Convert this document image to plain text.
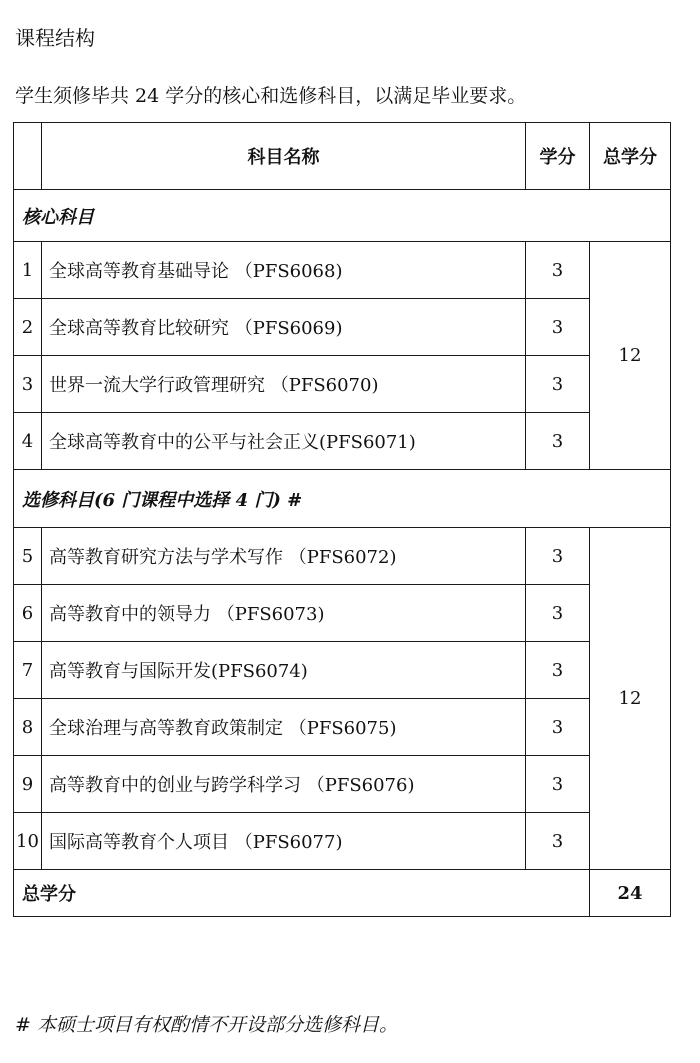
课程结构
学生须修毕共 24 学分的核心和选修科目，以满足毕业要求。
	科目名称	学分	总学分
核心科目			
1	全球高等教育基础导论 （PFS6068)	3	12
2	全球高等教育比较研究 （PFS6069)	3	
3	世界一流大学行政管理研究 （PFS6070)	3	
4	全球高等教育中的公平与社会正义(PFS6071)	3	
选修科目(6 门课程中选择 4 门) #			
5	高等教育研究方法与学术写作 （PFS6072)	3	12
6	高等教育中的领导力 （PFS6073)	3	
7	高等教育与国际开发(PFS6074)	3	
8	全球治理与高等教育政策制定 （PFS6075)	3	
9	高等教育中的创业与跨学科学习 （PFS6076)	3	
10	国际高等教育个人项目 （PFS6077)	3	
总学分			24
# 本硕士项目有权酌情不开设部分选修科目。
